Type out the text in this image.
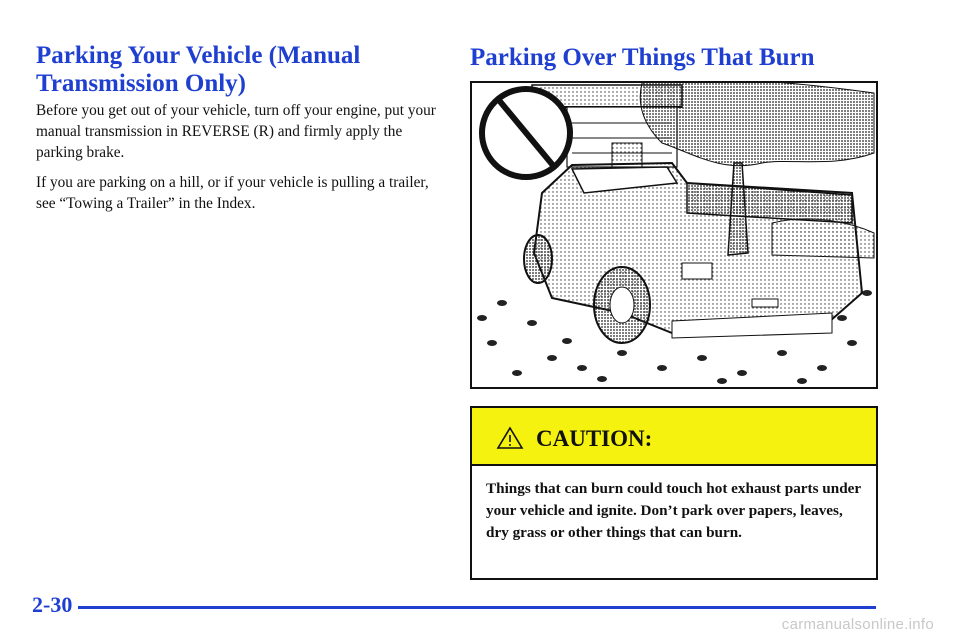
Parking Your Vehicle (Manual Transmission Only)

Before you get out of your vehicle, turn off your engine, put your manual transmission in REVERSE (R) and firmly apply the parking brake.

If you are parking on a hill, or if your vehicle is pulling a trailer, see “Towing a Trailer” in the Index.

Parking Over Things That Burn
CAUTION:

Things that can burn could touch hot exhaust parts under your vehicle and ignite. Don’t park over papers, leaves, dry grass or other things that can burn.

2-30
carmanualsonline.info
